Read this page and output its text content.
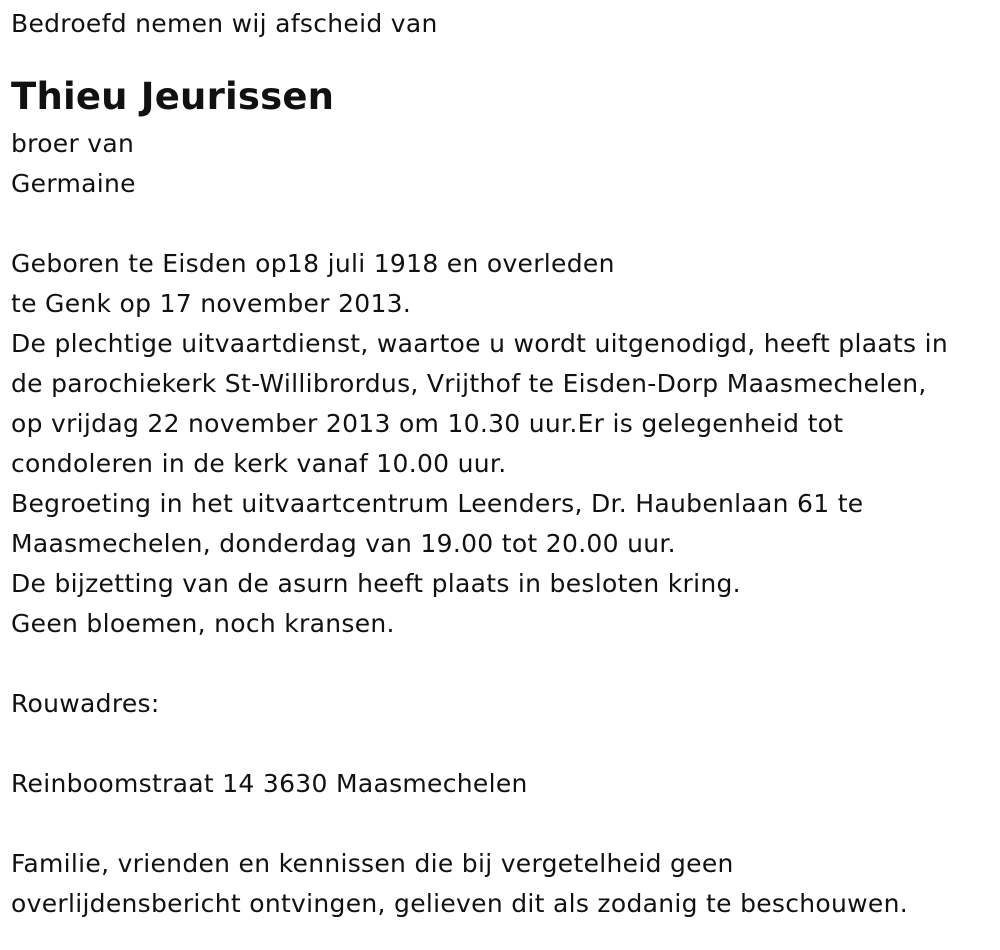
Bedroefd nemen wij afscheid van
Thieu Jeurissen
broer van
Germaine
Geboren te Eisden op18 juli 1918 en overleden
te Genk op 17 november 2013.
De plechtige uitvaartdienst, waartoe u wordt uitgenodigd, heeft plaats in
de parochiekerk St-Willibrordus, Vrijthof te Eisden-Dorp Maasmechelen,
op vrijdag 22 november 2013 om 10.30 uur.Er is gelegenheid tot
condoleren in de kerk vanaf 10.00 uur.
Begroeting in het uitvaartcentrum Leenders, Dr. Haubenlaan 61 te
Maasmechelen, donderdag van 19.00 tot 20.00 uur.
De bijzetting van de asurn heeft plaats in besloten kring.
Geen bloemen, noch kransen.
Rouwadres:
Reinboomstraat 14 3630 Maasmechelen
Familie, vrienden en kennissen die bij vergetelheid geen
overlijdensbericht ontvingen, gelieven dit als zodanig te beschouwen.
